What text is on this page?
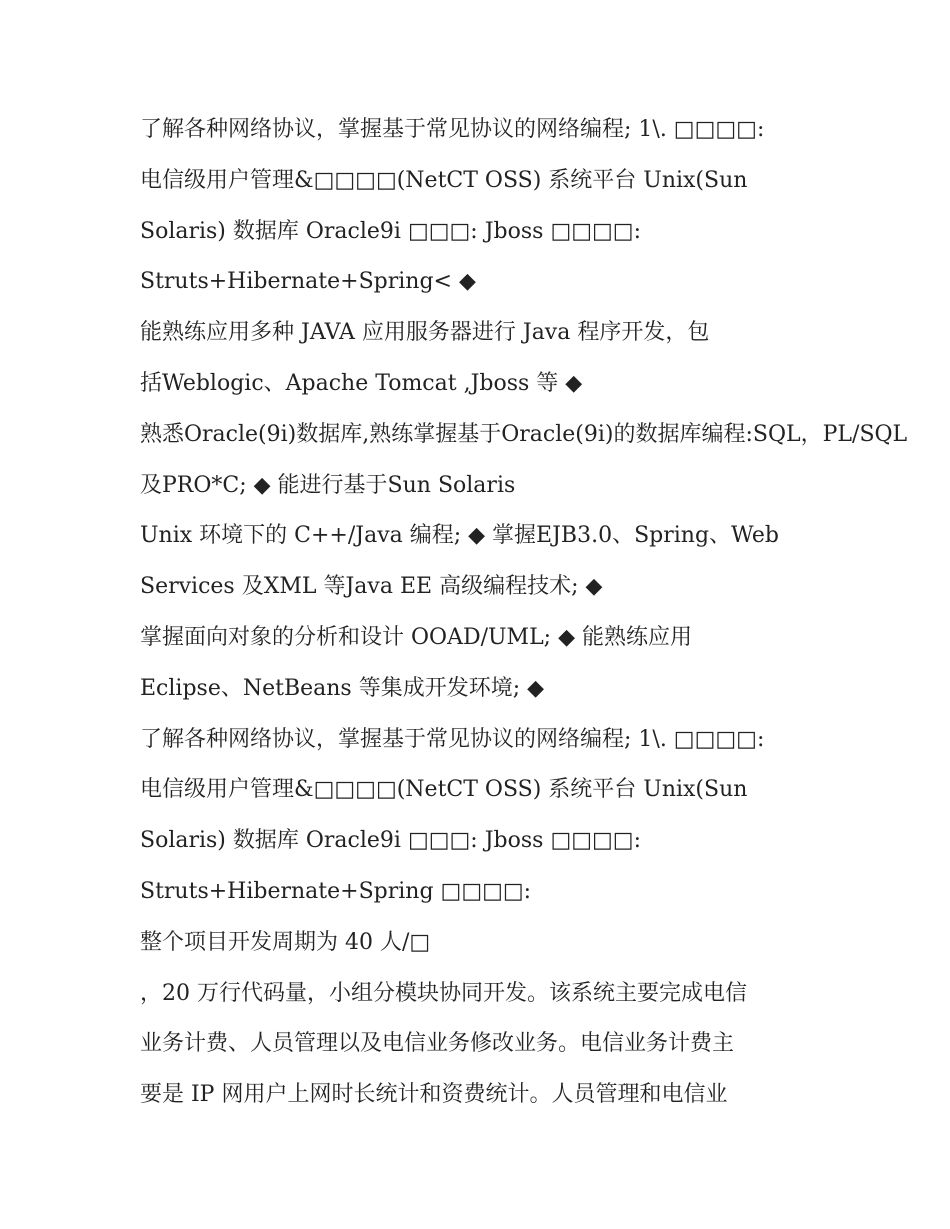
了解各种网络协议，掌握基于常见协议的网络编程; 1\. □□□□:
电信级用户管理&□□□□(NetCT OSS) 系统平台 Unix(Sun
Solaris) 数据库 Oracle9i □□□: Jboss □□□□:
Struts+Hibernate+Spring< ◆
能熟练应用多种 JAVA 应用服务器进行 Java 程序开发，包
括Weblogic、Apache Tomcat ,Jboss 等 ◆
熟悉Oracle(9i)数据库,熟练掌握基于Oracle(9i)的数据库编程:SQL，PL/SQL
及PRO*C; ◆ 能进行基于Sun Solaris
Unix 环境下的 C++/Java 编程; ◆ 掌握EJB3.0、Spring、Web
Services 及XML 等Java EE 高级编程技术; ◆
掌握面向对象的分析和设计 OOAD/UML; ◆ 能熟练应用
Eclipse、NetBeans 等集成开发环境; ◆
了解各种网络协议，掌握基于常见协议的网络编程; 1\. □□□□:
电信级用户管理&□□□□(NetCT OSS) 系统平台 Unix(Sun
Solaris) 数据库 Oracle9i □□□: Jboss □□□□:
Struts+Hibernate+Spring □□□□:
整个项目开发周期为 40 人/□
，20 万行代码量，小组分模块协同开发。该系统主要完成电信
业务计费、人员管理以及电信业务修改业务。电信业务计费主
要是 IP 网用户上网时长统计和资费统计。人员管理和电信业
